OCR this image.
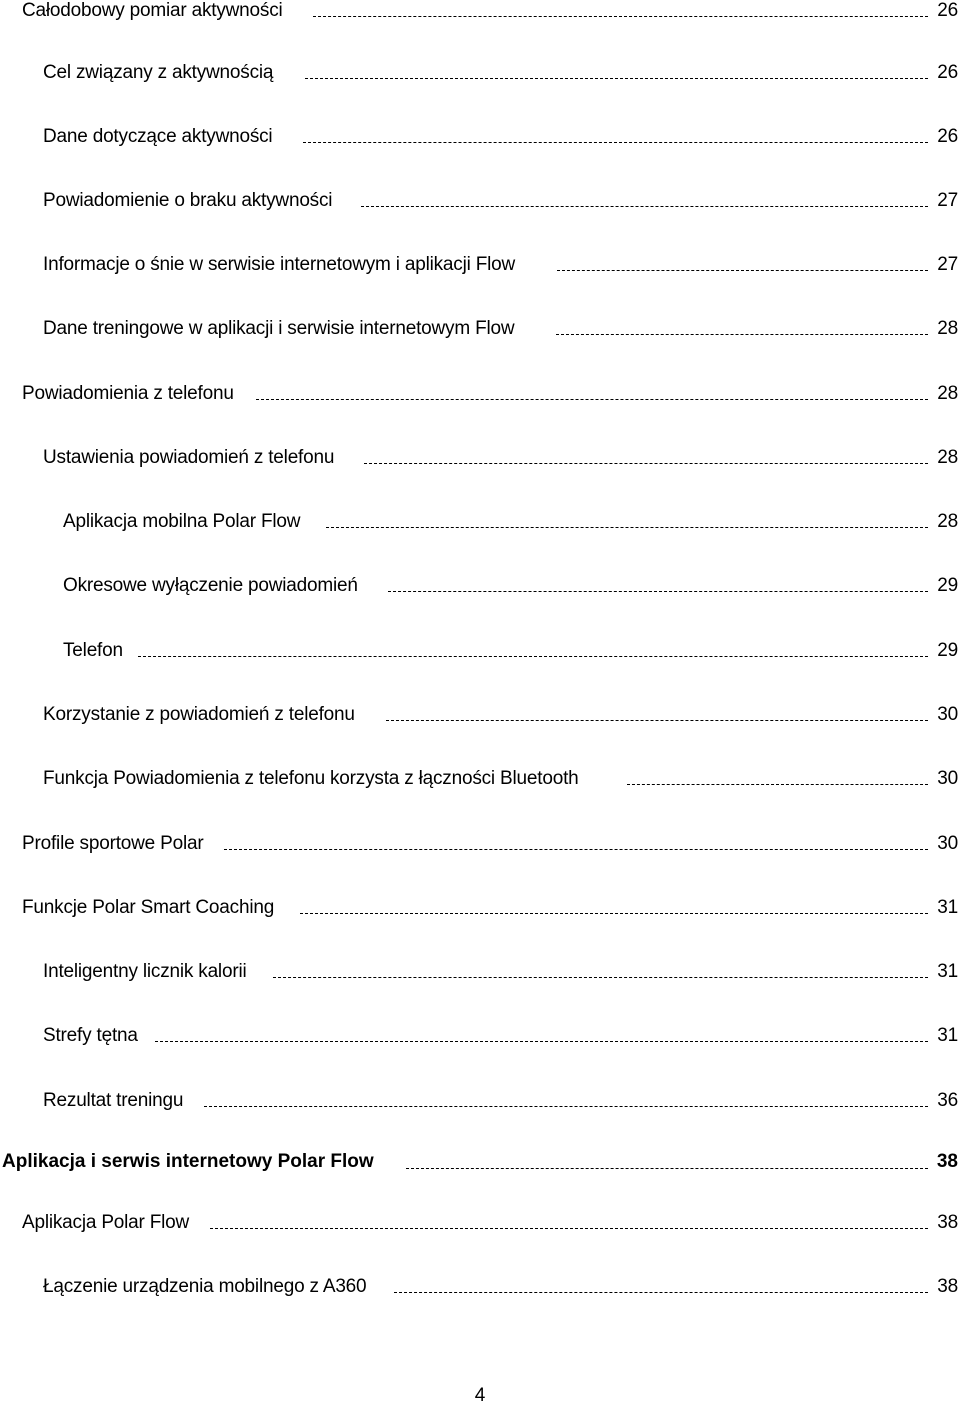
Całodobowy pomiar aktywności	26
Cel związany z aktywnością	26
Dane dotyczące aktywności	26
Powiadomienie o braku aktywności	27
Informacje o śnie w serwisie internetowym i aplikacji Flow	27
Dane treningowe w aplikacji i serwisie internetowym Flow	28
Powiadomienia z telefonu	28
Ustawienia powiadomień z telefonu	28
Aplikacja mobilna Polar Flow	28
Okresowe wyłączenie powiadomień	29
Telefon	29
Korzystanie z powiadomień z telefonu	30
Funkcja Powiadomienia z telefonu korzysta z łączności Bluetooth	30
Profile sportowe Polar	30
Funkcje Polar Smart Coaching	31
Inteligentny licznik kalorii	31
Strefy tętna	31
Rezultat treningu	36
Aplikacja i serwis internetowy Polar Flow	38
Aplikacja Polar Flow	38
Łączenie urządzenia mobilnego z A360	38
4
